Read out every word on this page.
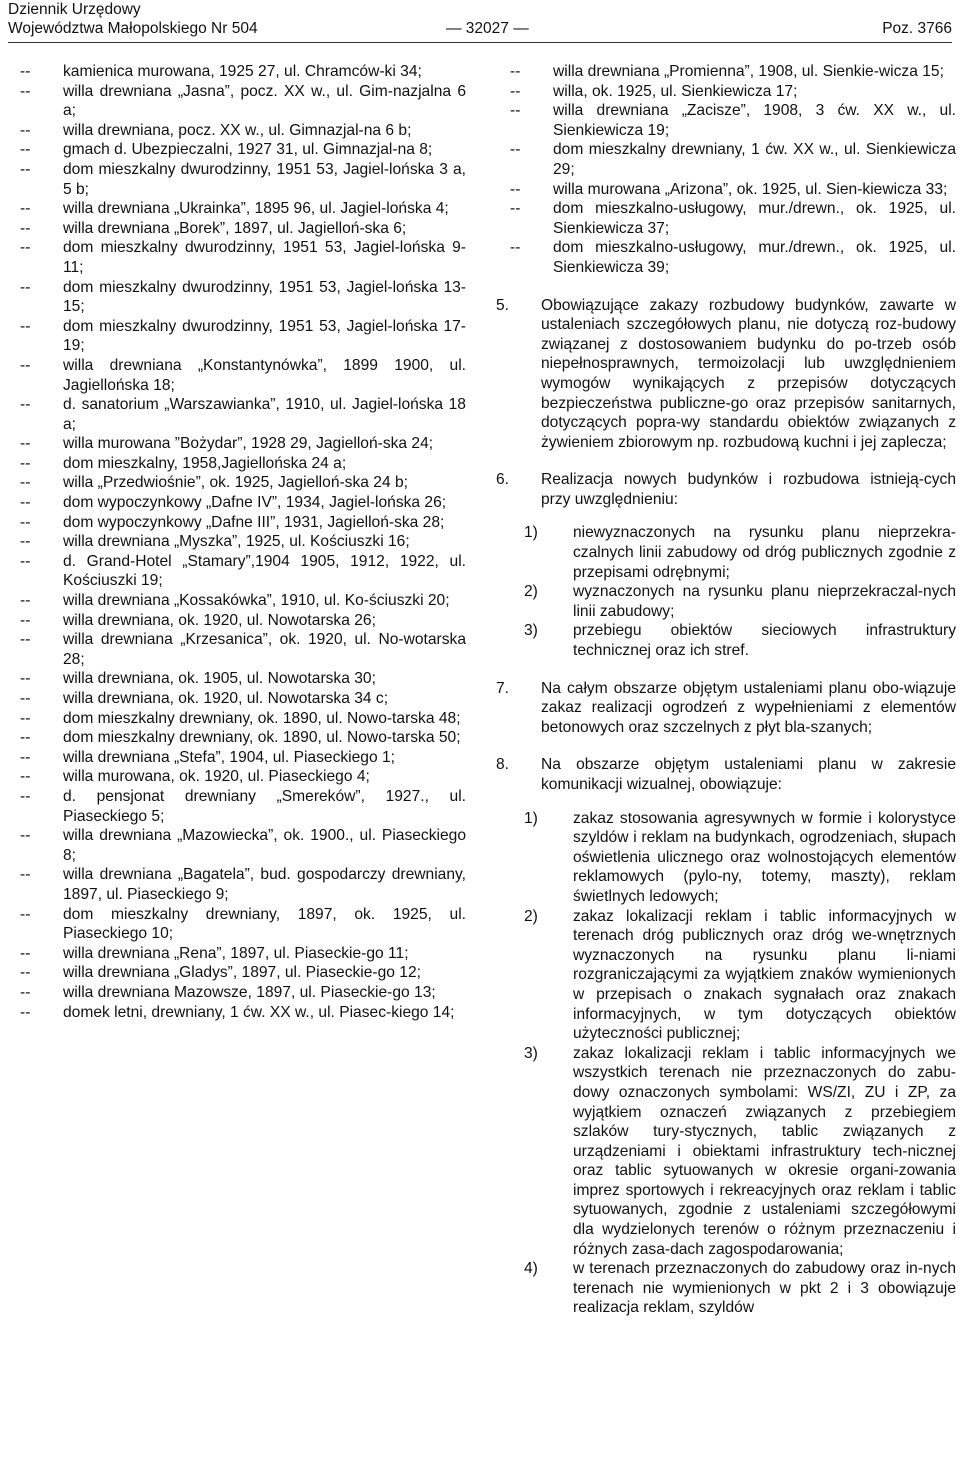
Dziennik Urzędowy
Województwa Małopolskiego Nr 504	— 32027 —	Poz. 3766
-- kamienica murowana, 1925 27, ul. Chramców-ki 34;
-- willa drewniana „Jasna”, pocz. XX w., ul. Gim-nazjalna 6 a;
-- willa drewniana, pocz. XX w., ul. Gimnazjal-na 6 b;
-- gmach d. Ubezpieczalni, 1927 31, ul. Gimnazjal-na 8;
-- dom mieszkalny dwurodzinny, 1951 53, Jagiel-lońska 3 a, 5 b;
-- willa drewniana „Ukrainka”, 1895 96, ul. Jagiel-lońska 4;
-- willa drewniana „Borek”, 1897, ul. Jagielloń-ska 6;
-- dom mieszkalny dwurodzinny, 1951 53, Jagiel-lońska 9-11;
-- dom mieszkalny dwurodzinny, 1951 53, Jagiel-lońska 13-15;
-- dom mieszkalny dwurodzinny, 1951 53, Jagiel-lońska 17-19;
-- willa drewniana „Konstantynówka”, 1899 1900, ul. Jagiellońska 18;
-- d. sanatorium „Warszawianka”, 1910, ul. Jagiel-lońska 18 a;
-- willa murowana ”Bożydar”, 1928 29, Jagielloń-ska 24;
-- dom mieszkalny, 1958,Jagiellońska 24 a;
-- willa „Przedwiośnie”, ok. 1925, Jagielloń-ska 24 b;
-- dom wypoczynkowy „Dafne IV”, 1934, Jagiel-lońska 26;
-- dom wypoczynkowy „Dafne III”, 1931, Jagielloń-ska 28;
-- willa drewniana „Myszka”, 1925, ul. Kościuszki 16;
-- d. Grand-Hotel „Stamary”,1904 1905, 1912, 1922, ul. Kościuszki 19;
-- willa drewniana „Kossakówka”, 1910, ul. Ko-ściuszki 20;
-- willa drewniana, ok. 1920, ul. Nowotarska 26;
-- willa drewniana „Krzesanica”, ok. 1920, ul. No-wotarska 28;
-- willa drewniana, ok. 1905, ul. Nowotarska 30;
-- willa drewniana, ok. 1920, ul. Nowotarska 34 c;
-- dom mieszkalny drewniany, ok. 1890, ul. Nowo-tarska 48;
-- dom mieszkalny drewniany, ok. 1890, ul. Nowo-tarska 50;
-- willa drewniana „Stefa”, 1904, ul. Piaseckiego 1;
-- willa murowana, ok. 1920, ul. Piaseckiego 4;
-- d. pensjonat drewniany „Smereków”, 1927., ul. Piaseckiego 5;
-- willa drewniana „Mazowiecka”, ok. 1900., ul. Piaseckiego 8;
-- willa drewniana „Bagatela”, bud. gospodarczy drewniany, 1897, ul. Piaseckiego 9;
-- dom mieszkalny drewniany, 1897, ok. 1925, ul. Piaseckiego 10;
-- willa drewniana „Rena”, 1897, ul. Piaseckie-go 11;
-- willa drewniana „Gladys”, 1897, ul. Piaseckie-go 12;
-- willa drewniana Mazowsze, 1897, ul. Piaseckie-go 13;
-- domek letni, drewniany, 1 ćw. XX w., ul. Piasec-kiego 14;
-- willa drewniana „Promienna”, 1908, ul. Sienkie-wicza 15;
-- willa, ok. 1925, ul. Sienkiewicza 17;
-- willa drewniana „Zacisze”, 1908, 3 ćw. XX w., ul. Sienkiewicza 19;
-- dom mieszkalny drewniany, 1 ćw. XX w., ul. Sienkiewicza 29;
-- willa murowana „Arizona”, ok. 1925, ul. Sien-kiewicza 33;
-- dom mieszkalno-usługowy, mur./drewn., ok. 1925, ul. Sienkiewicza 37;
-- dom mieszkalno-usługowy, mur./drewn., ok. 1925, ul. Sienkiewicza 39;
5. Obowiązujące zakazy rozbudowy budynków, zawarte w ustaleniach szczegółowych planu, nie dotyczą roz-budowy związanej z dostosowaniem budynku do po-trzeb osób niepełnosprawnych, termoizolacji lub uwzględnieniem wymogów wynikających z przepisów dotyczących bezpieczeństwa publiczne-go oraz przepisów sanitarnych, dotyczących popra-wy standardu obiektów związanych z żywieniem zbiorowym np. rozbudową kuchni i jej zaplecza;
6. Realizacja nowych budynków i rozbudowa istnieją-cych przy uwzględnieniu:
1) niewyznaczonych na rysunku planu nieprzekra-czalnych linii zabudowy od dróg publicznych zgodnie z przepisami odrębnymi;
2) wyznaczonych na rysunku planu nieprzekraczal-nych linii zabudowy;
3) przebiegu obiektów sieciowych infrastruktury technicznej oraz ich stref.
7. Na całym obszarze objętym ustaleniami planu obo-wiązuje zakaz realizacji ogrodzeń z wypełnieniami z elementów betonowych oraz szczelnych z płyt bla-szanych;
8. Na obszarze objętym ustaleniami planu w zakresie komunikacji wizualnej, obowiązuje:
1) zakaz stosowania agresywnych w formie i kolorystyce szyldów i reklam na budynkach, ogrodzeniach, słupach oświetlenia ulicznego oraz wolnostojących elementów reklamowych (pylo-ny, totemy, maszty), reklam świetlnych ledowych;
2) zakaz lokalizacji reklam i tablic informacyjnych w terenach dróg publicznych oraz dróg we-wnętrznych wyznaczonych na rysunku planu li-niami rozgraniczającymi za wyjątkiem znaków wymienionych w przepisach o znakach sygnałach oraz znakach informacyjnych, w tym dotyczących obiektów użyteczności publicznej;
3) zakaz lokalizacji reklam i tablic informacyjnych we wszystkich terenach nie przeznaczonych do zabu-dowy oznaczonych symbolami: WS/ZI, ZU i ZP, za wyjątkiem oznaczeń związanych z przebiegiem szlaków tury-stycznych, tablic związanych z urządzeniami i obiektami infrastruktury tech-nicznej oraz tablic sytuowanych w okresie organi-zowania imprez sportowych i rekreacyjnych oraz reklam i tablic sytuowanych, zgodnie z ustaleniami szczegółowymi dla wydzielonych terenów o różnym przeznaczeniu i różnych zasa-dach zagospodarowania;
4) w terenach przeznaczonych do zabudowy oraz in-nych terenach nie wymienionych w pkt 2 i 3 obowiązuje realizacja reklam, szyldów
